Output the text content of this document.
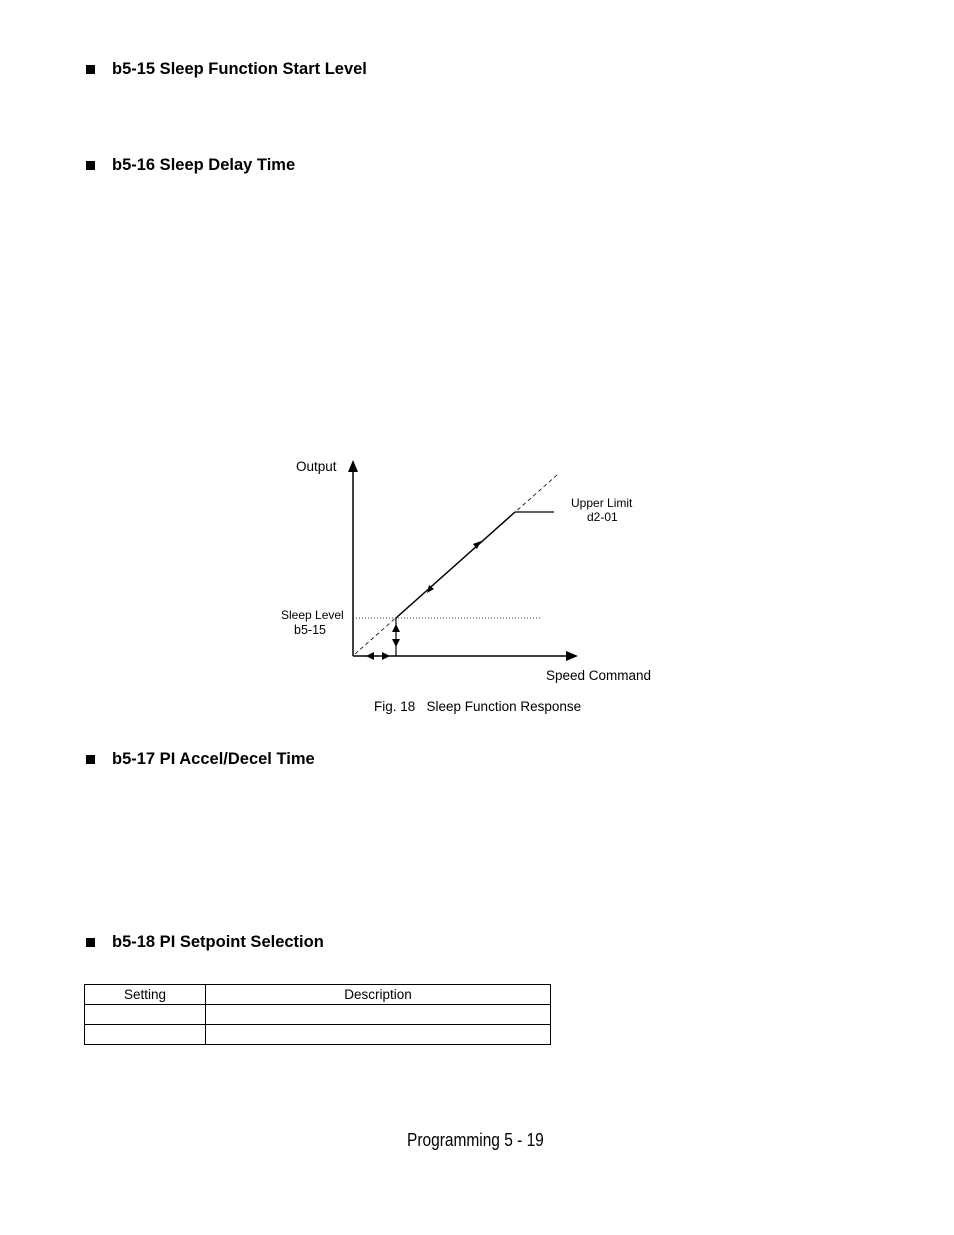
b5-15 Sleep Function Start Level
b5-16 Sleep Delay Time
Output
Speed Command
Sleep Level
b5-15
Upper Limit
d2-01
Fig. 18   Sleep Function Response
b5-17 PI Accel/Decel Time
b5-18 PI Setpoint Selection
Setting	Description

Programming 5 - 19
